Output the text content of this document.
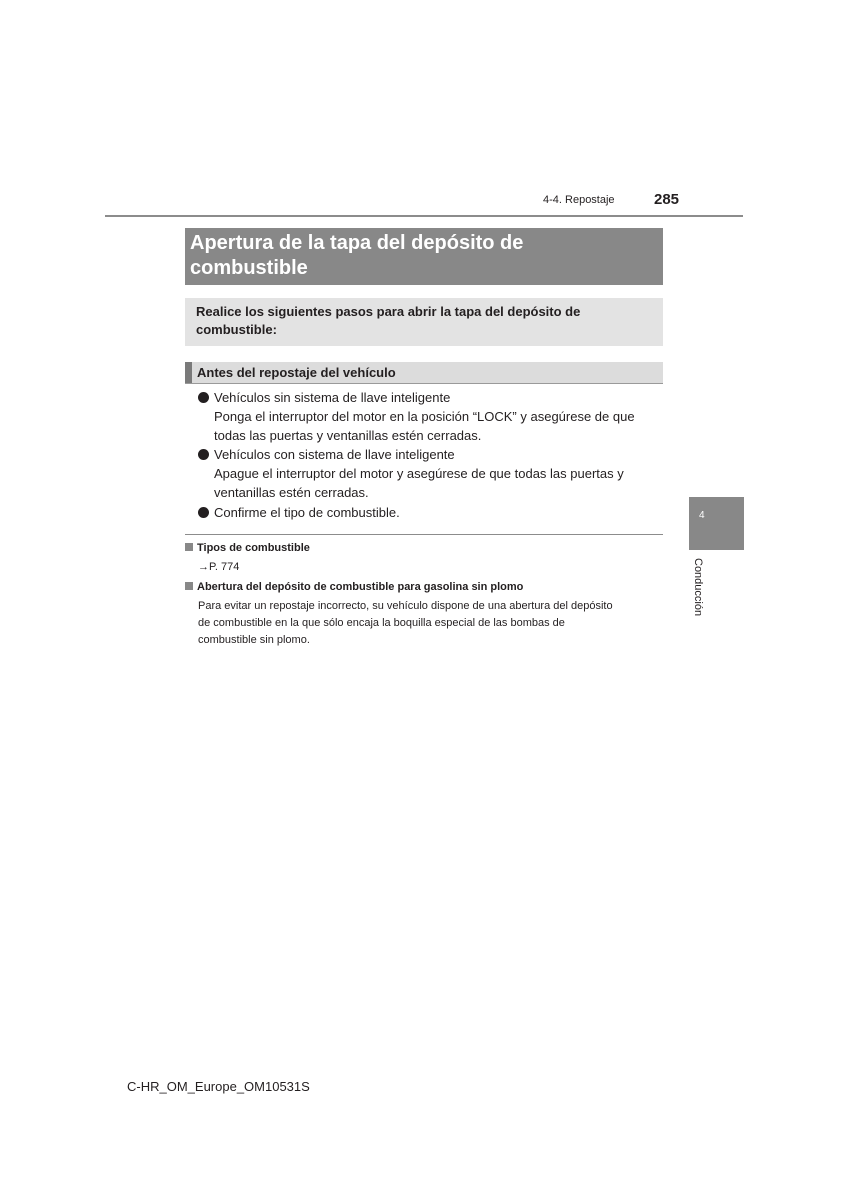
4-4. Repostaje	285
Apertura de la tapa del depósito de
combustible
Realice los siguientes pasos para abrir la tapa del depósito de
combustible:
Antes del repostaje del vehículo
Vehículos sin sistema de llave inteligente
Ponga el interruptor del motor en la posición “LOCK” y asegúrese de que
todas las puertas y ventanillas estén cerradas.
Vehículos con sistema de llave inteligente
Apague el interruptor del motor y asegúrese de que todas las puertas y
ventanillas estén cerradas.
Confirme el tipo de combustible.
Tipos de combustible
→P. 774
Abertura del depósito de combustible para gasolina sin plomo
Para evitar un repostaje incorrecto, su vehículo dispone de una abertura del depósito
de combustible en la que sólo encaja la boquilla especial de las bombas de
combustible sin plomo.
4
Conducción
C-HR_OM_Europe_OM10531S
